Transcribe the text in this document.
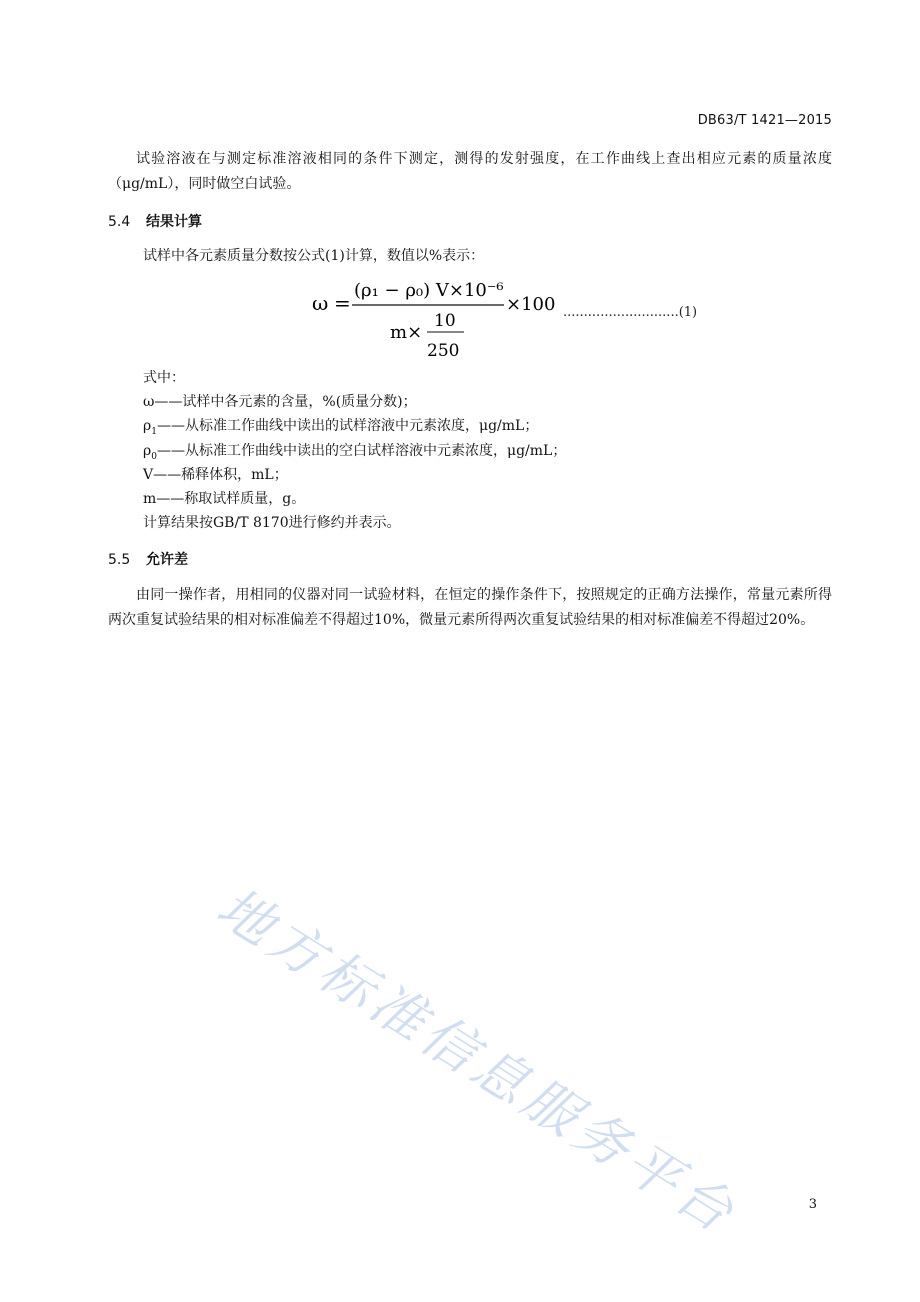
DB63/T 1421—2015
试验溶液在与测定标准溶液相同的条件下测定，测得的发射强度，在工作曲线上查出相应元素的质量浓度（μg/mL），同时做空白试验。
5.4 结果计算
试样中各元素质量分数按公式(1)计算，数值以%表示：
ω =
(ρ₁ − ρ₀) V×10⁻⁶
×100
m×
10
250
............................(1)
式中：
ω——试样中各元素的含量，%(质量分数)；
$\rho_1——$从标准工作曲线中读出的试样溶液中元素浓度，μg/mL；
$\rho_0——$从标准工作曲线中读出的空白试样溶液中元素浓度，μg/mL；
V——稀释体积，mL；
m——称取试样质量，g。
计算结果按GB/T 8170进行修约并表示。
5.5 允许差
由同一操作者，用相同的仪器对同一试验材料，在恒定的操作条件下，按照规定的正确方法操作，常量元素所得两次重复试验结果的相对标准偏差不得超过10%，微量元素所得两次重复试验结果的相对标准偏差不得超过20%。
地方标准信息服务平台	3
